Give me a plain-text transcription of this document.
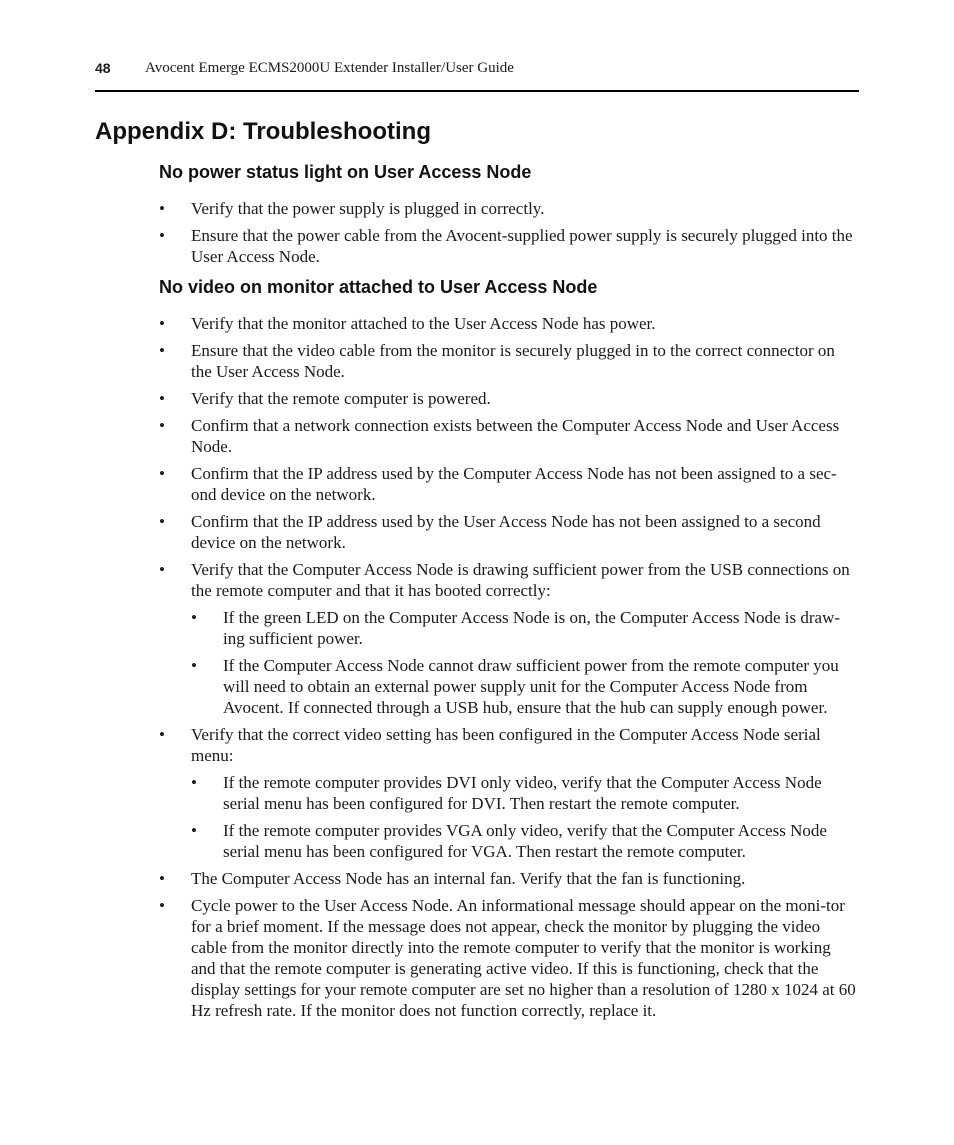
48 Avocent Emerge ECMS2000U Extender Installer/User Guide
Appendix D: Troubleshooting
No power status light on User Access Node
• Verify that the power supply is plugged in correctly.
• Ensure that the power cable from the Avocent-supplied power supply is securely plugged into the User Access Node.
No video on monitor attached to User Access Node
• Verify that the monitor attached to the User Access Node has power.
• Ensure that the video cable from the monitor is securely plugged in to the correct connector on the User Access Node.
• Verify that the remote computer is powered.
• Confirm that a network connection exists between the Computer Access Node and User Access Node.
• Confirm that the IP address used by the Computer Access Node has not been assigned to a sec-ond device on the network.
• Confirm that the IP address used by the User Access Node has not been assigned to a second device on the network.
• Verify that the Computer Access Node is drawing sufficient power from the USB connections on the remote computer and that it has booted correctly:
• If the green LED on the Computer Access Node is on, the Computer Access Node is draw-ing sufficient power.
• If the Computer Access Node cannot draw sufficient power from the remote computer you will need to obtain an external power supply unit for the Computer Access Node from Avocent. If connected through a USB hub, ensure that the hub can supply enough power.
• Verify that the correct video setting has been configured in the Computer Access Node serial menu:
• If the remote computer provides DVI only video, verify that the Computer Access Node serial menu has been configured for DVI. Then restart the remote computer.
• If the remote computer provides VGA only video, verify that the Computer Access Node serial menu has been configured for VGA. Then restart the remote computer.
• The Computer Access Node has an internal fan. Verify that the fan is functioning.
• Cycle power to the User Access Node. An informational message should appear on the moni-tor for a brief moment. If the message does not appear, check the monitor by plugging the video cable from the monitor directly into the remote computer to verify that the monitor is working and that the remote computer is generating active video. If this is functioning, check that the display settings for your remote computer are set no higher than a resolution of 1280 x 1024 at 60 Hz refresh rate. If the monitor does not function correctly, replace it.
